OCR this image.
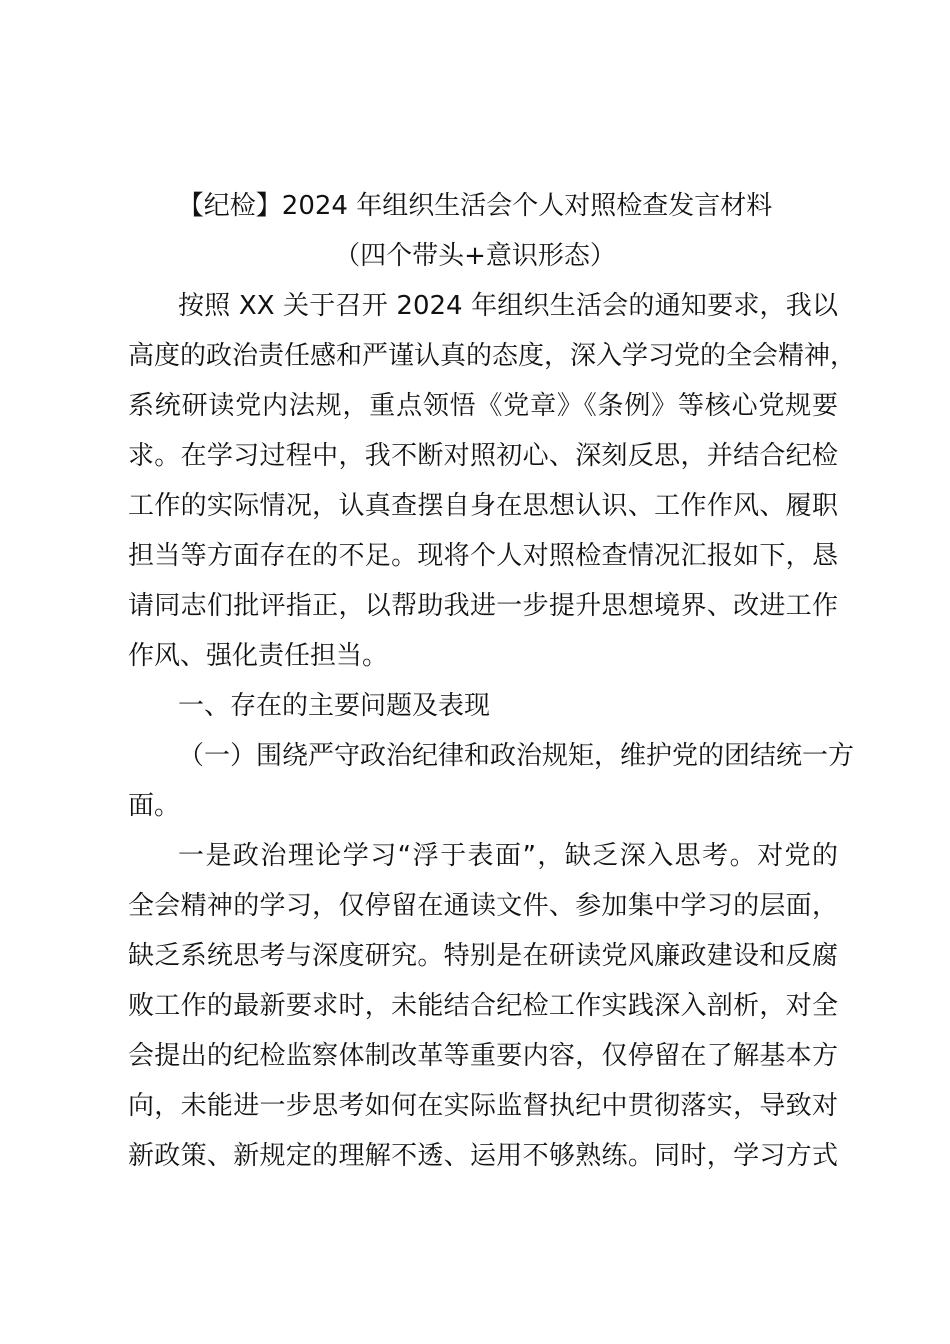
【纪检】2024 年组织生活会个人对照检查发言材料
（四个带头+意识形态）
按照 XX 关于召开 2024 年组织生活会的通知要求，我以
高度的政治责任感和严谨认真的态度，深入学习党的全会精神，
系统研读党内法规，重点领悟《党章》《条例》等核心党规要
求。在学习过程中，我不断对照初心、深刻反思，并结合纪检
工作的实际情况，认真查摆自身在思想认识、工作作风、履职
担当等方面存在的不足。现将个人对照检查情况汇报如下，恳
请同志们批评指正，以帮助我进一步提升思想境界、改进工作
作风、强化责任担当。
一、存在的主要问题及表现
（一）围绕严守政治纪律和政治规矩，维护党的团结统一方
面。
一是政治理论学习“浮于表面”，缺乏深入思考。对党的
全会精神的学习，仅停留在通读文件、参加集中学习的层面，
缺乏系统思考与深度研究。特别是在研读党风廉政建设和反腐
败工作的最新要求时，未能结合纪检工作实践深入剖析，对全
会提出的纪检监察体制改革等重要内容，仅停留在了解基本方
向，未能进一步思考如何在实际监督执纪中贯彻落实，导致对
新政策、新规定的理解不透、运用不够熟练。同时，学习方式
